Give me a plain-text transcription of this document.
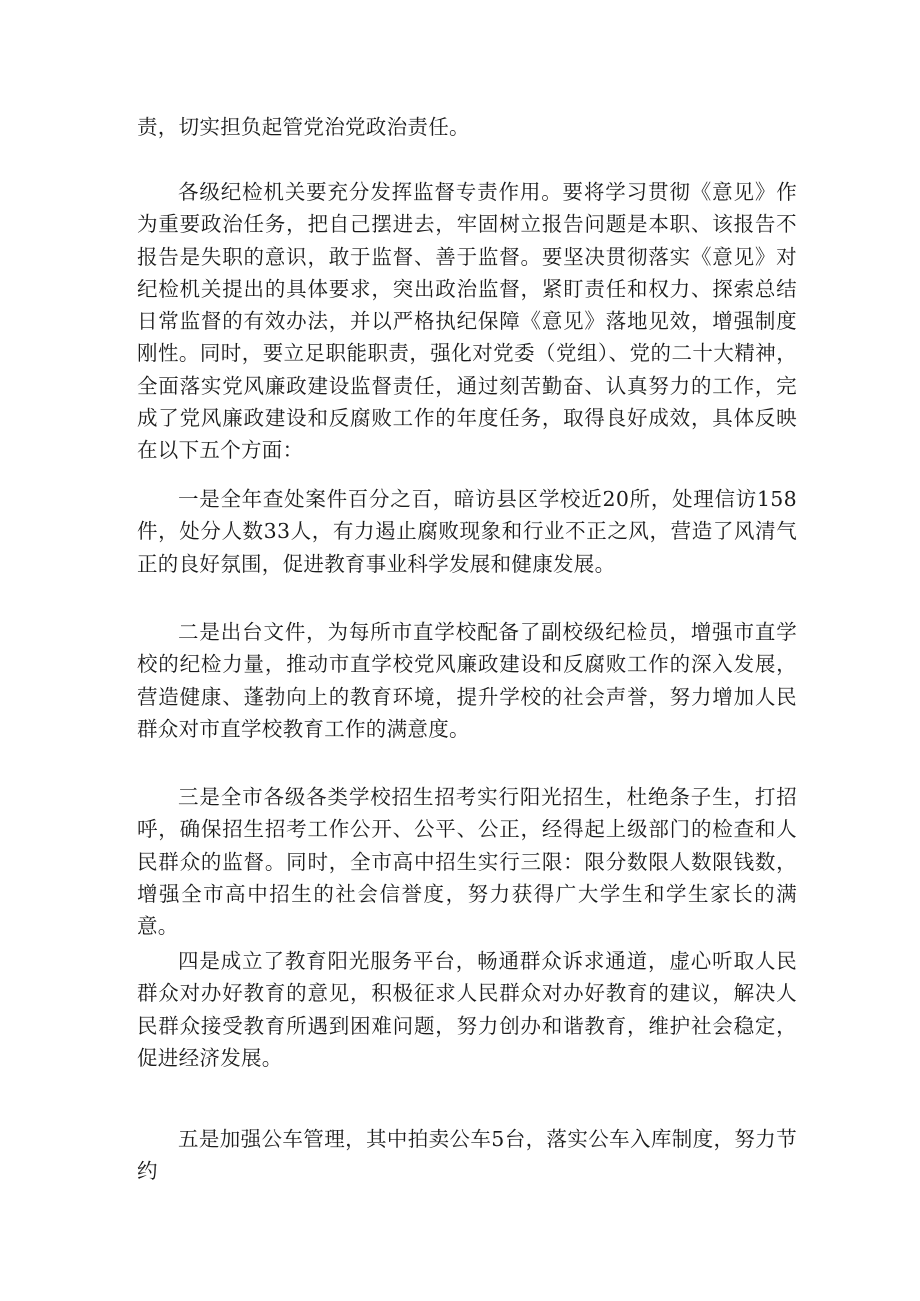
责，切实担负起管党治党政治责任。

各级纪检机关要充分发挥监督专责作用。要将学习贯彻《意见》作为重要政治任务，把自己摆进去，牢固树立报告问题是本职、该报告不报告是失职的意识，敢于监督、善于监督。要坚决贯彻落实《意见》对纪检机关提出的具体要求，突出政治监督，紧盯责任和权力、探索总结日常监督的有效办法，并以严格执纪保障《意见》落地见效，增强制度刚性。同时，要立足职能职责，强化对党委（党组）、党的二十大精神，全面落实党风廉政建设监督责任，通过刻苦勤奋、认真努力的工作，完成了党风廉政建设和反腐败工作的年度任务，取得良好成效，具体反映在以下五个方面：

一是全年查处案件百分之百，暗访县区学校近20所，处理信访158件，处分人数33人，有力遏止腐败现象和行业不正之风，营造了风清气正的良好氛围，促进教育事业科学发展和健康发展。

二是出台文件，为每所市直学校配备了副校级纪检员，增强市直学校的纪检力量，推动市直学校党风廉政建设和反腐败工作的深入发展，营造健康、蓬勃向上的教育环境，提升学校的社会声誉，努力增加人民群众对市直学校教育工作的满意度。

三是全市各级各类学校招生招考实行阳光招生，杜绝条子生，打招呼，确保招生招考工作公开、公平、公正，经得起上级部门的检查和人民群众的监督。同时，全市高中招生实行三限：限分数限人数限钱数，增强全市高中招生的社会信誉度，努力获得广大学生和学生家长的满意。

四是成立了教育阳光服务平台，畅通群众诉求通道，虚心听取人民群众对办好教育的意见，积极征求人民群众对办好教育的建议，解决人民群众接受教育所遇到困难问题，努力创办和谐教育，维护社会稳定，促进经济发展。

五是加强公车管理，其中拍卖公车5台，落实公车入库制度，努力节约
